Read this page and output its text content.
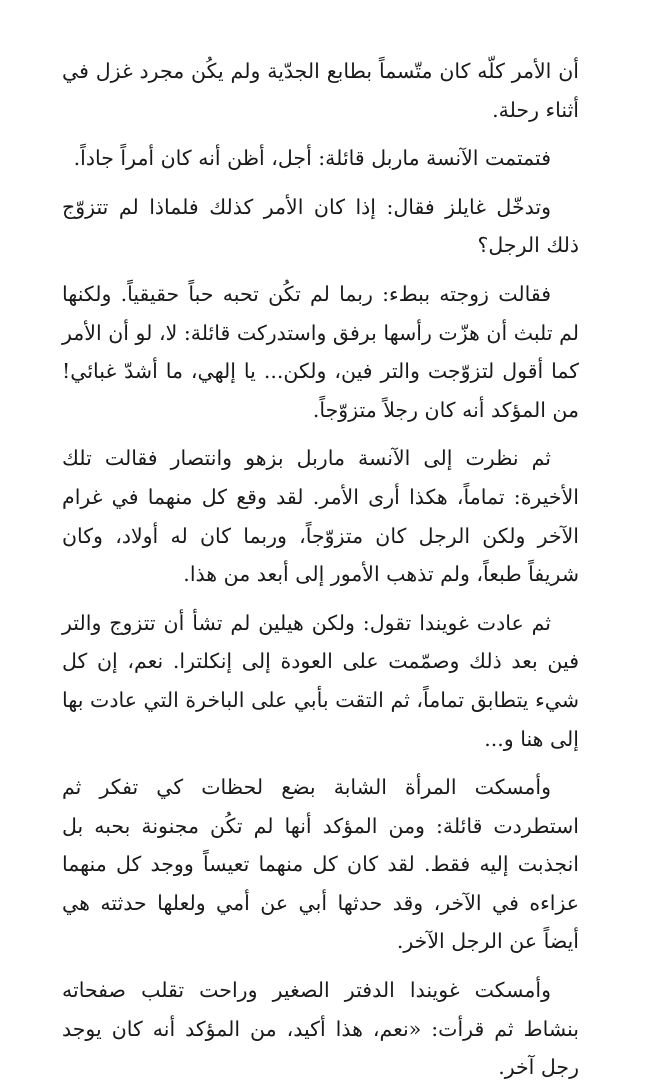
أن الأمر كلّه كان متّسماً بطابع الجدّية ولم يكُن مجرد غزل في أثناء رحلة.

فتمتمت الآنسة ماربل قائلة: أجل، أظن أنه كان أمراً جاداً.

وتدخّل غايلز فقال: إذا كان الأمر كذلك فلماذا لم تتزوّج ذلك الرجل؟

فقالت زوجته ببطء: ربما لم تكُن تحبه حباً حقيقياً. ولكنها لم تلبث أن هزّت رأسها برفق واستدركت قائلة: لا، لو أن الأمر كما أقول لتزوّجت والتر فين، ولكن... يا إلهي، ما أشدّ غبائي! من المؤكد أنه كان رجلاً متزوّجاً.

ثم نظرت إلى الآنسة ماربل بزهو وانتصار فقالت تلك الأخيرة: تماماً، هكذا أرى الأمر. لقد وقع كل منهما في غرام الآخر ولكن الرجل كان متزوّجاً، وربما كان له أولاد، وكان شريفاً طبعاً، ولم تذهب الأمور إلى أبعد من هذا.

ثم عادت غويندا تقول: ولكن هيلين لم تشأ أن تتزوج والتر فين بعد ذلك وصمّمت على العودة إلى إنكلترا. نعم، إن كل شيء يتطابق تماماً، ثم التقت بأبي على الباخرة التي عادت بها إلى هنا و...

وأمسكت المرأة الشابة بضع لحظات كي تفكر ثم استطردت قائلة: ومن المؤكد أنها لم تكُن مجنونة بحبه بل انجذبت إليه فقط. لقد كان كل منهما تعيساً ووجد كل منهما عزاءه في الآخر، وقد حدثها أبي عن أمي ولعلها حدثته هي أيضاً عن الرجل الآخر.

وأمسكت غويندا الدفتر الصغير وراحت تقلب صفحاته بنشاط ثم قرأت: «نعم، هذا أكيد، من المؤكد أنه كان يوجد رجل آخر.
